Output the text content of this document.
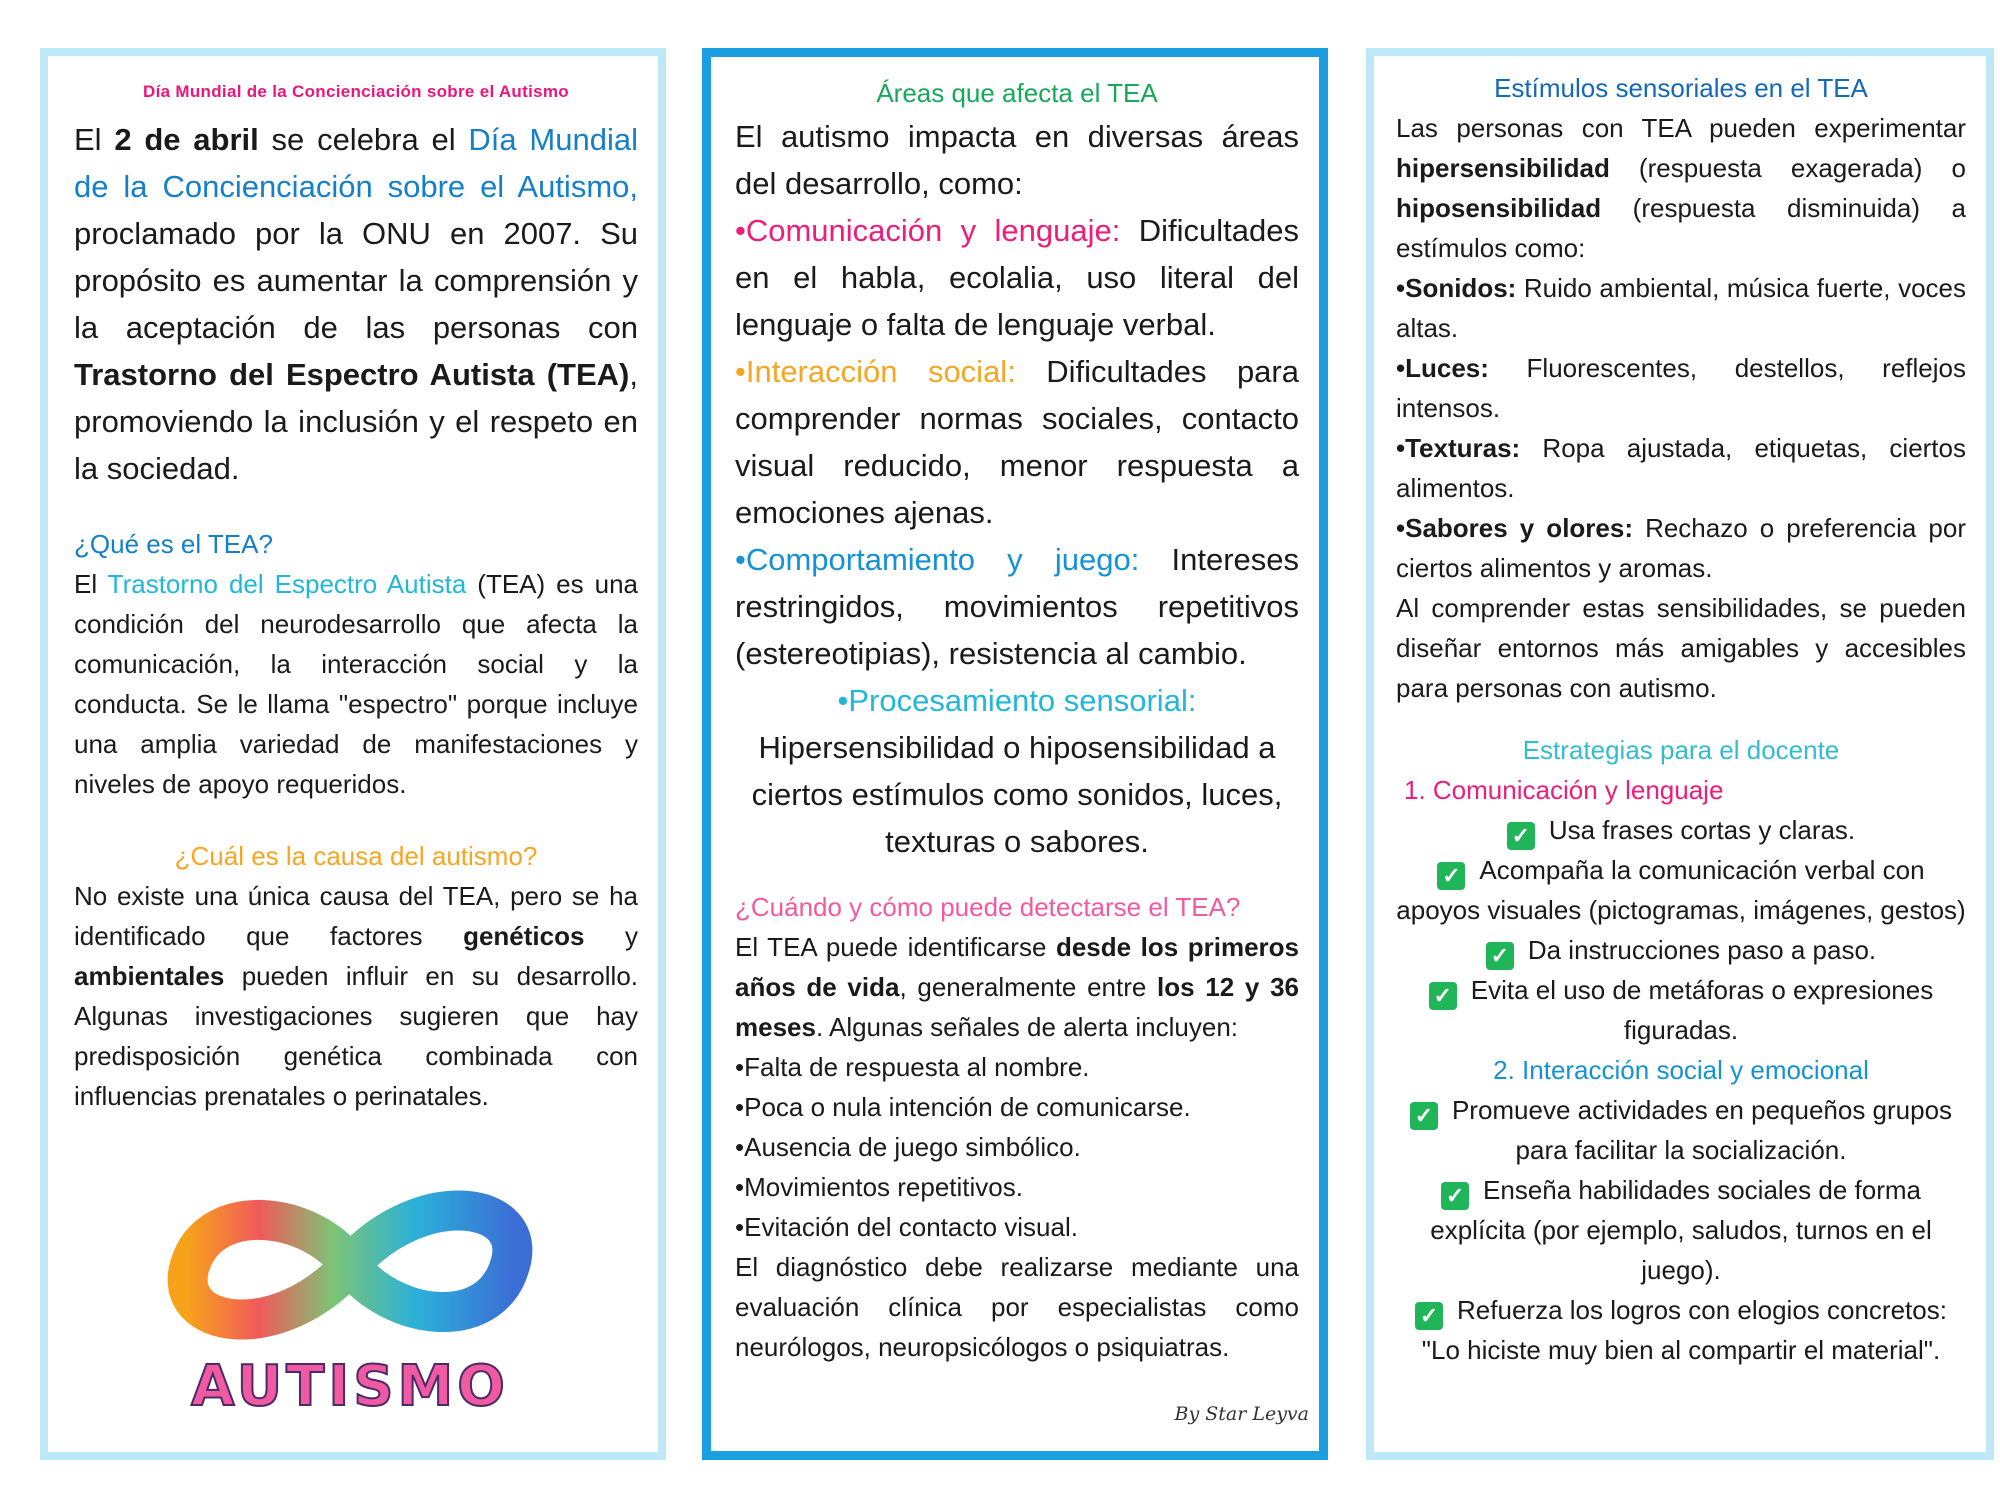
Día Mundial de la Concienciación sobre el Autismo

El 2 de abril se celebra el Día Mundial de la Concienciación sobre el Autismo, proclamado por la ONU en 2007. Su propósito es aumentar la comprensión y la aceptación de las personas con Trastorno del Espectro Autista (TEA), promoviendo la inclusión y el respeto en la sociedad.

¿Qué es el TEA?

El Trastorno del Espectro Autista (TEA) es una condición del neurodesarrollo que afecta la comunicación, la interacción social y la conducta. Se le llama "espectro" porque incluye una amplia variedad de manifestaciones y niveles de apoyo requeridos.

¿Cuál es la causa del autismo?

No existe una única causa del TEA, pero se ha identificado que factores genéticos y ambientales pueden influir en su desarrollo. Algunas investigaciones sugieren que hay predisposición genética combinada con influencias prenatales o perinatales.

AUTISMO
Áreas que afecta el TEA

El autismo impacta en diversas áreas del desarrollo, como:

•Comunicación y lenguaje: Dificultades en el habla, ecolalia, uso literal del lenguaje o falta de lenguaje verbal.

•Interacción social: Dificultades para comprender normas sociales, contacto visual reducido, menor respuesta a emociones ajenas.

•Comportamiento y juego: Intereses restringidos, movimientos repetitivos (estereotipias), resistencia al cambio.

•Procesamiento sensorial:

Hipersensibilidad o hiposensibilidad a ciertos estímulos como sonidos, luces, texturas o sabores.

¿Cuándo y cómo puede detectarse el TEA?

El TEA puede identificarse desde los primeros años de vida, generalmente entre los 12 y 36 meses. Algunas señales de alerta incluyen:

•Falta de respuesta al nombre.
•Poca o nula intención de comunicarse.
•Ausencia de juego simbólico.
•Movimientos repetitivos.
•Evitación del contacto visual.

El diagnóstico debe realizarse mediante una evaluación clínica por especialistas como neurólogos, neuropsicólogos o psiquiatras.

By Star Leyva
Estímulos sensoriales en el TEA

Las personas con TEA pueden experimentar hipersensibilidad (respuesta exagerada) o hiposensibilidad (respuesta disminuida) a estímulos como:

•Sonidos: Ruido ambiental, música fuerte, voces altas.

•Luces: Fluorescentes, destellos, reflejos intensos.

•Texturas: Ropa ajustada, etiquetas, ciertos alimentos.

•Sabores y olores: Rechazo o preferencia por ciertos alimentos y aromas.

Al comprender estas sensibilidades, se pueden diseñar entornos más amigables y accesibles para personas con autismo.

Estrategias para el docente
1. Comunicación y lenguaje

✓ Usa frases cortas y claras.

✓ Acompaña la comunicación verbal con apoyos visuales (pictogramas, imágenes, gestos)

✓ Da instrucciones paso a paso.

✓ Evita el uso de metáforas o expresiones figuradas.

2. Interacción social y emocional

✓ Promueve actividades en pequeños grupos para facilitar la socialización.

✓ Enseña habilidades sociales de forma explícita (por ejemplo, saludos, turnos en el juego).

✓ Refuerza los logros con elogios concretos: "Lo hiciste muy bien al compartir el material".
